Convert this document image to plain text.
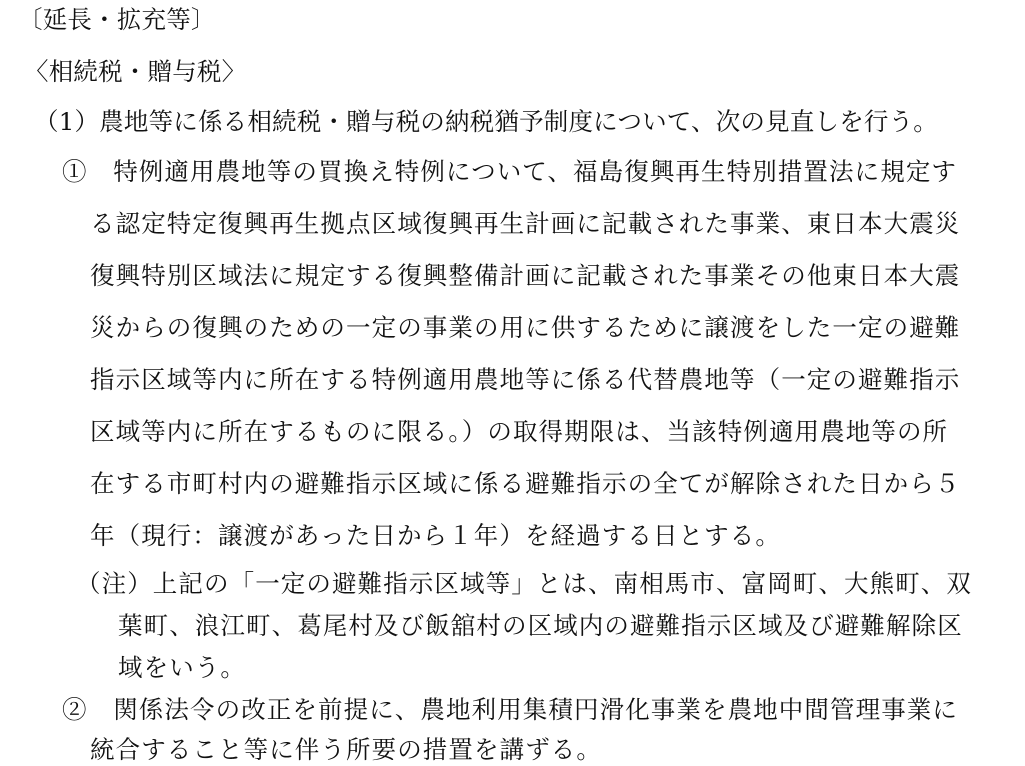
〔延長・拡充等〕
〈相続税・贈与税〉
（1）農地等に係る相続税・贈与税の納税猶予制度について、次の見直しを行う。
①　特例適用農地等の買換え特例について、福島復興再生特別措置法に規定す
る認定特定復興再生拠点区域復興再生計画に記載された事業、東日本大震災
復興特別区域法に規定する復興整備計画に記載された事業その他東日本大震
災からの復興のための一定の事業の用に供するために譲渡をした一定の避難
指示区域等内に所在する特例適用農地等に係る代替農地等（一定の避難指示
区域等内に所在するものに限る。）の取得期限は、当該特例適用農地等の所
在する市町村内の避難指示区域に係る避難指示の全てが解除された日から５
年（現行：譲渡があった日から１年）を経過する日とする。
（注）上記の「一定の避難指示区域等」とは、南相馬市、富岡町、大熊町、双
葉町、浪江町、葛尾村及び飯舘村の区域内の避難指示区域及び避難解除区
域をいう。
②　関係法令の改正を前提に、農地利用集積円滑化事業を農地中間管理事業に
統合すること等に伴う所要の措置を講ずる。
